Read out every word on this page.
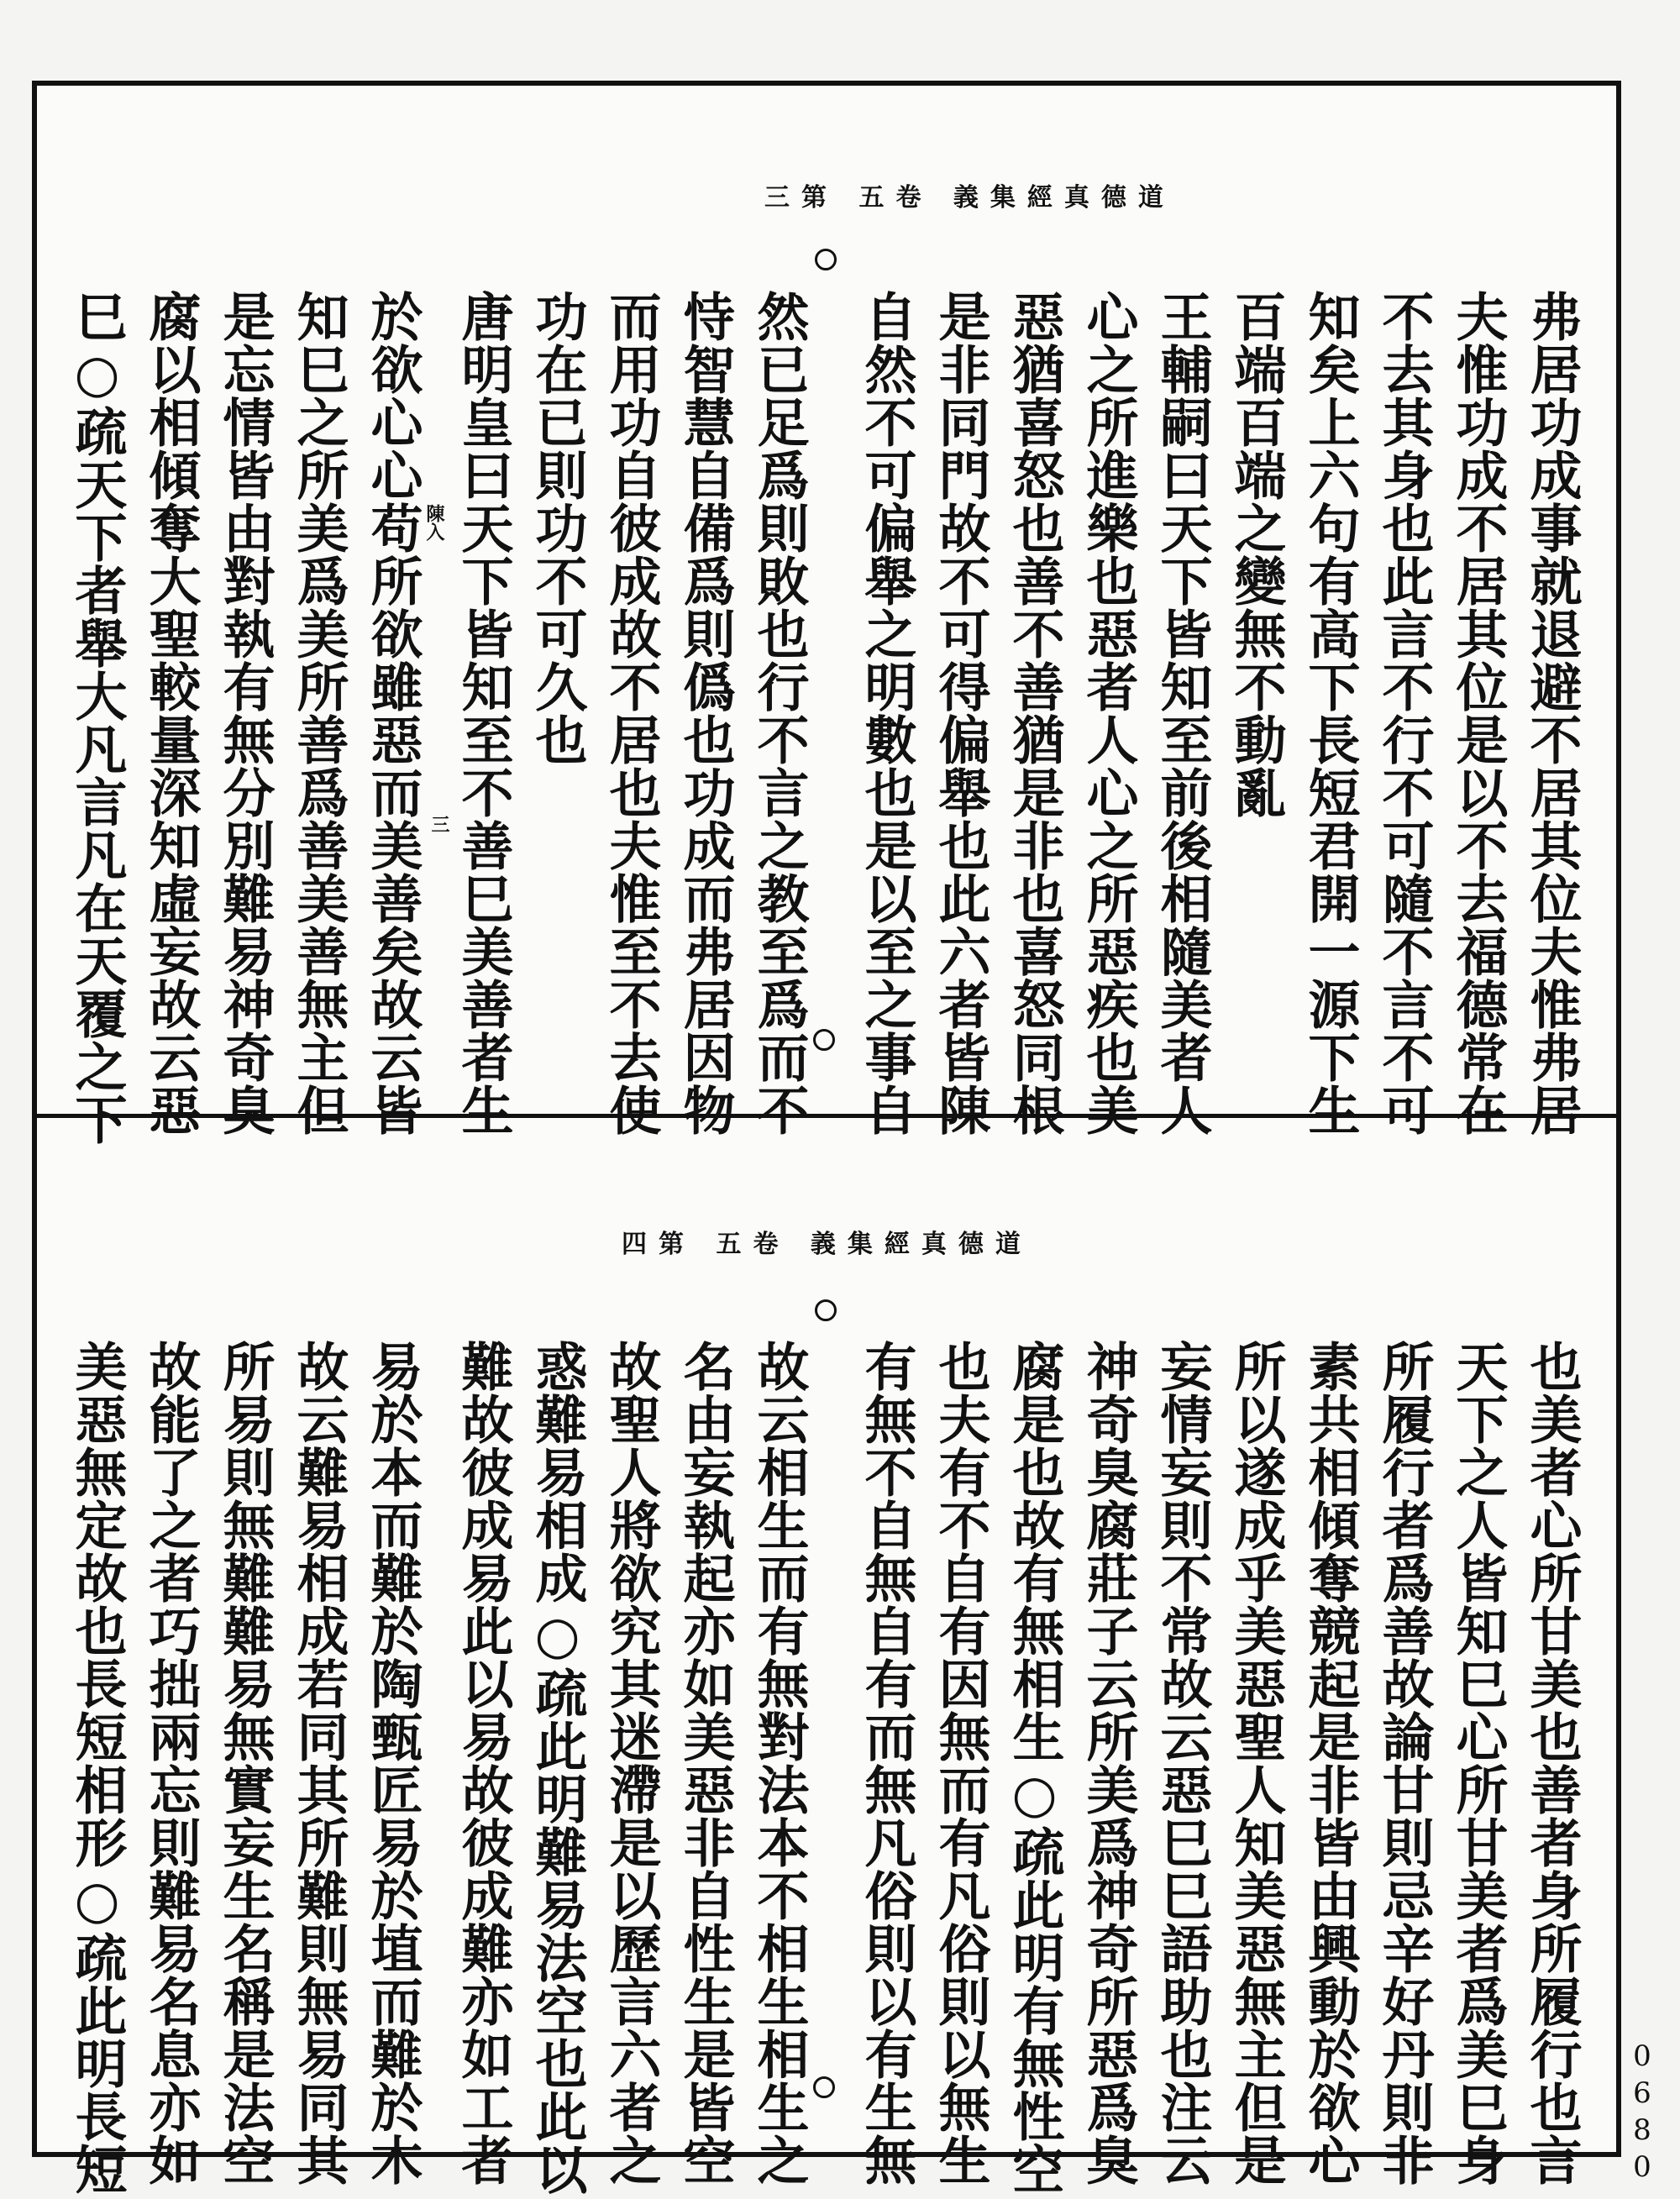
道德真經集義 卷五 第三
陳入
三	弗居功成事就退避不居其位夫惟弗居
夫惟功成不居其位是以不去福德常在
不去其身也此言不行不可隨不言不可
知矣上六句有高下長短君開一源下生
百端百端之變無不動亂
王輔嗣曰天下皆知至前後相隨美者人
心之所進樂也惡者人心之所惡疾也美
惡猶喜怒也善不善猶是非也喜怒同根
是非同門故不可得偏舉也此六者皆陳
自然不可偏舉之明數也是以至之事自
然已足爲則敗也行不言之教至爲而不
恃智慧自備爲則僞也功成而弗居因物
而用功自彼成故不居也夫惟至不去使
功在已則功不可久也
唐明皇曰天下皆知至不善巳美善者生
於欲心心苟所欲雖惡而美善矣故云皆
知巳之所美爲美所善爲善美善無主但
是忘情皆由對執有無分別難易神奇臭
腐以相傾奪大聖較量深知虛妄故云惡
巳○疏天下者舉大凡言凡在天覆之下
道德真經集義 卷五 第四
也美者心所甘美也善者身所履行也言
天下之人皆知巳心所甘美者爲美巳身
所履行者爲善故論甘則忌辛好丹則非
素共相傾奪競起是非皆由興動於欲心
所以遂成乎美惡聖人知美惡無主但是
妄情妄則不常故云惡巳巳語助也注云
神奇臭腐莊子云所美爲神奇所惡爲臭
腐是也故有無相生○疏此明有無性空
也夫有不自有因無而有凡俗則以無生
有無不自無自有而無凡俗則以有生無
故云相生而有無對法本不相生相生之
名由妄執起亦如美惡非自性生是皆空
故聖人將欲究其迷滯是以歷言六者之
惑難易相成○疏此明難易法空也此以
難故彼成易此以易故彼成難亦如工者
易於本而難於陶甄匠易於埴而難於木
故云難易相成若同其所難則無易同其
所易則無難難易無實妄生名稱是法空
故能了之者巧拙兩忘則難易名息亦如
美惡無定故也長短相形○疏此明長短	0680
